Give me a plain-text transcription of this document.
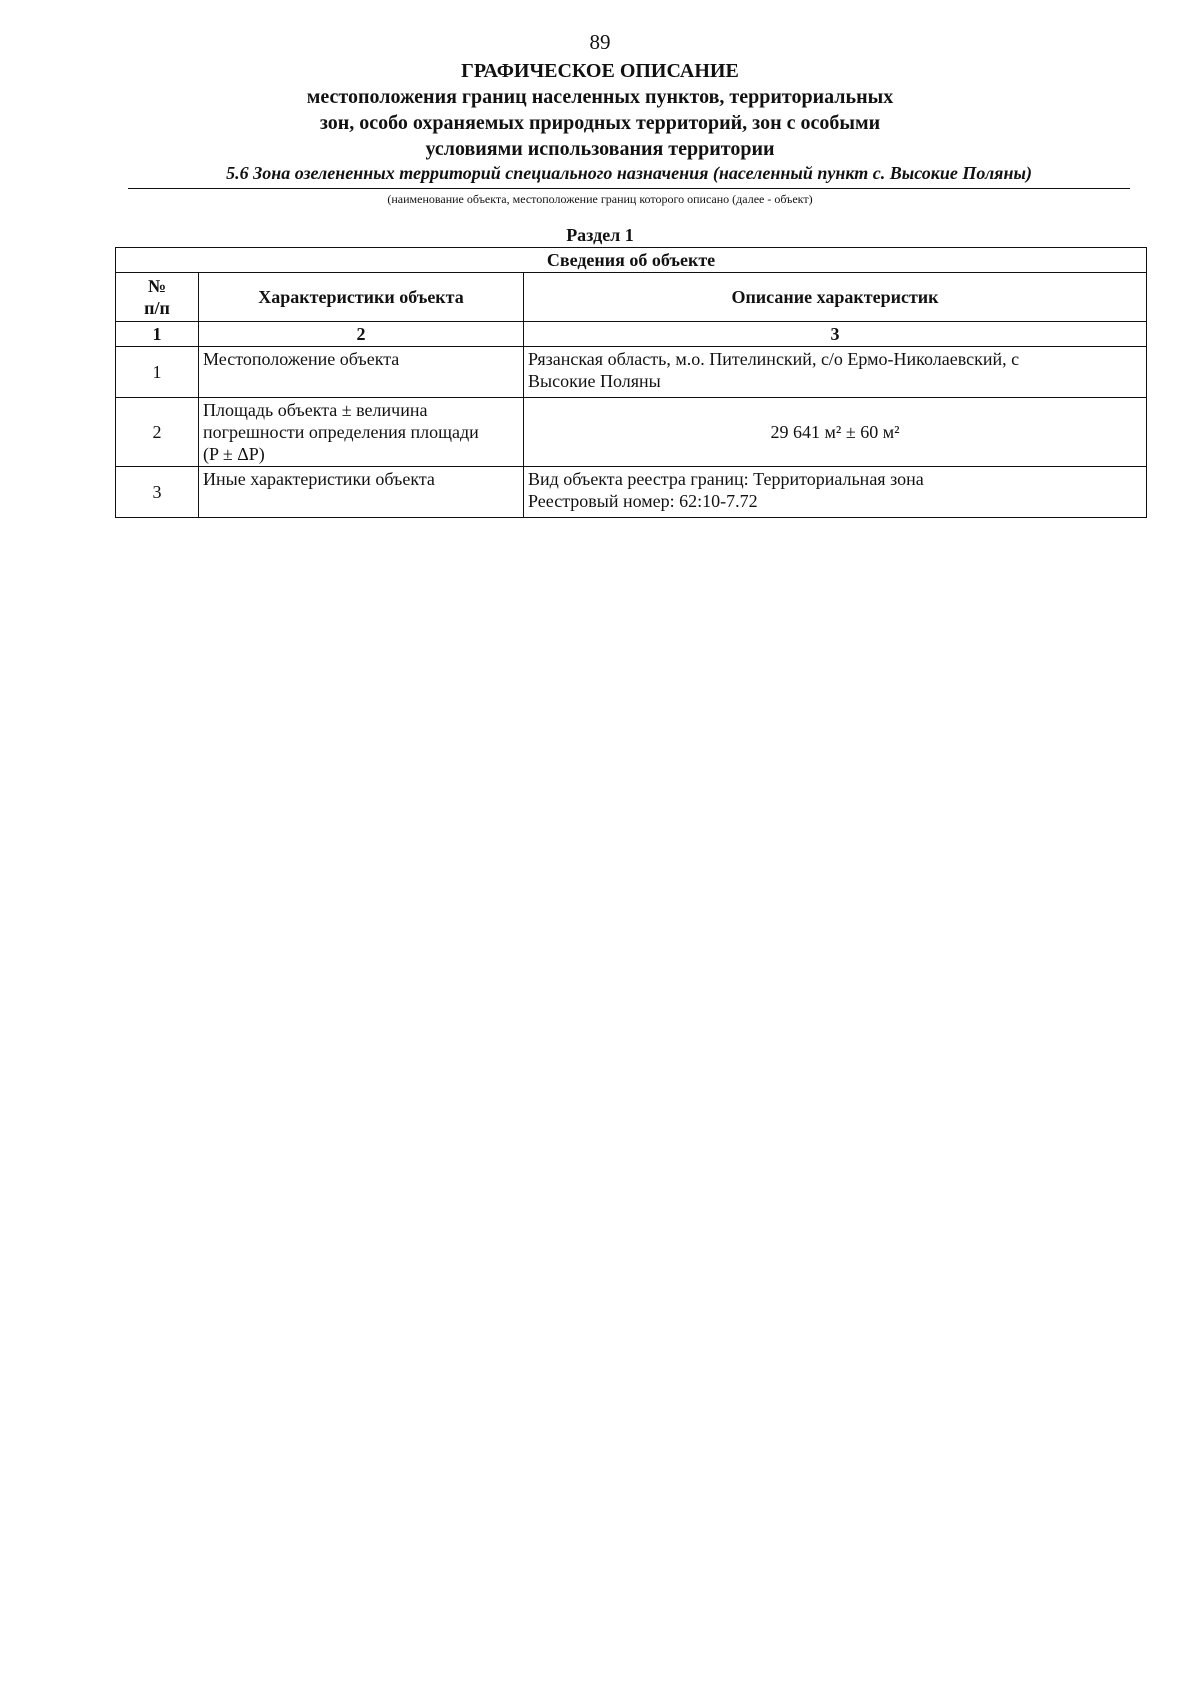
89
ГРАФИЧЕСКОЕ ОПИСАНИЕ
местоположения границ населенных пунктов, территориальных
зон, особо охраняемых природных территорий, зон с особыми
условиями использования территории
5.6 Зона озелененных территорий специального назначения (населенный пункт с. Высокие Поляны)
(наименование объекта, местоположение границ которого описано (далее - объект)
Раздел 1
Сведения об объекте		

№
п/п	Характеристики объекта	Описание характеристик
1	2	3
1	Местоположение объекта	Рязанская область, м.о. Пителинский, с/о Ермо-Николаевский, с
Высокие Поляны

2	Площадь объекта ± величина
погрешности определения площади
(P ± ΔP)	29 641 м² ± 60 м²
3	Иные характеристики объекта	Вид объекта реестра границ: Территориальная зона
Реестровый номер: 62:10-7.72
